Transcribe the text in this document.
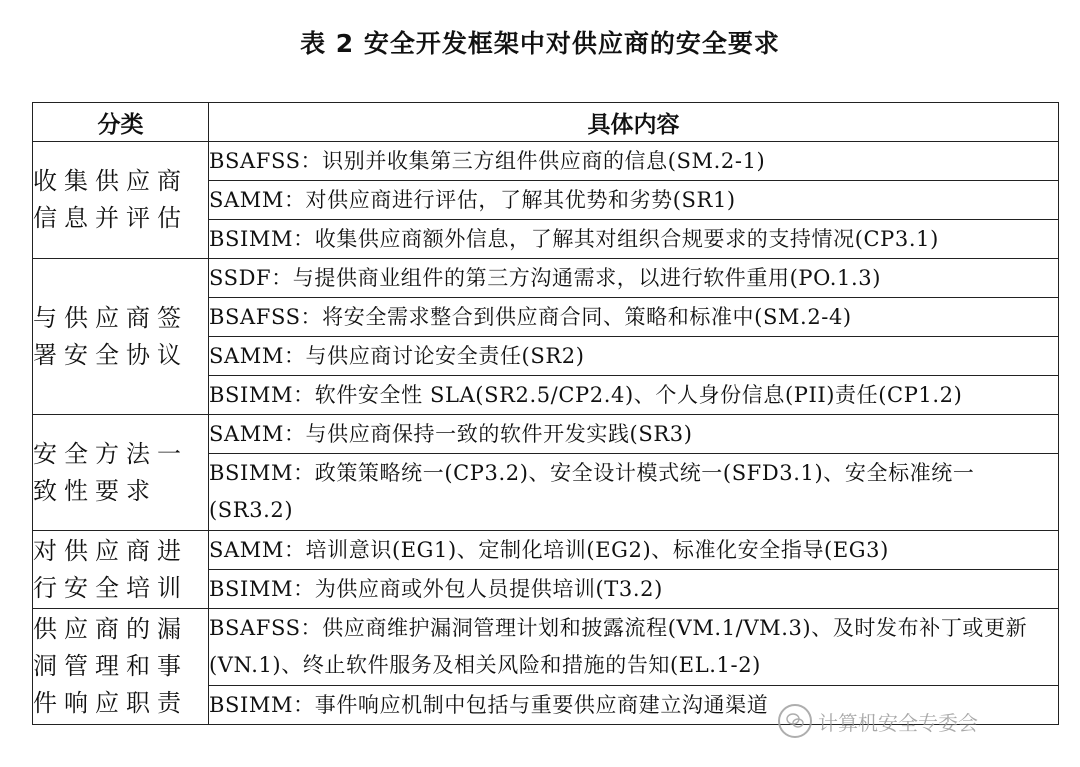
表 2 安全开发框架中对供应商的安全要求
分类	具体内容
收集供应商信息并评估	BSAFSS：识别并收集第三方组件供应商的信息(SM.2-1)
	SAMM：对供应商进行评估，了解其优势和劣势(SR1)
	BSIMM：收集供应商额外信息，了解其对组织合规要求的支持情况(CP3.1)
与供应商签署安全协议	SSDF：与提供商业组件的第三方沟通需求，以进行软件重用(PO.1.3)
	BSAFSS：将安全需求整合到供应商合同、策略和标准中(SM.2-4)
	SAMM：与供应商讨论安全责任(SR2)
	BSIMM：软件安全性 SLA(SR2.5/CP2.4)、个人身份信息(PII)责任(CP1.2)
安全方法一致性要求	SAMM：与供应商保持一致的软件开发实践(SR3)
	BSIMM：政策策略统一(CP3.2)、安全设计模式统一(SFD3.1)、安全标准统一(SR3.2)
对供应商进行安全培训	SAMM：培训意识(EG1)、定制化培训(EG2)、标准化安全指导(EG3)
	BSIMM：为供应商或外包人员提供培训(T3.2)
供应商的漏洞管理和事件响应职责	BSAFSS：供应商维护漏洞管理计划和披露流程(VM.1/VM.3)、及时发布补丁或更新(VN.1)、终止软件服务及相关风险和措施的告知(EL.1-2)
	BSIMM：事件响应机制中包括与重要供应商建立沟通渠道
计算机安全专委会
